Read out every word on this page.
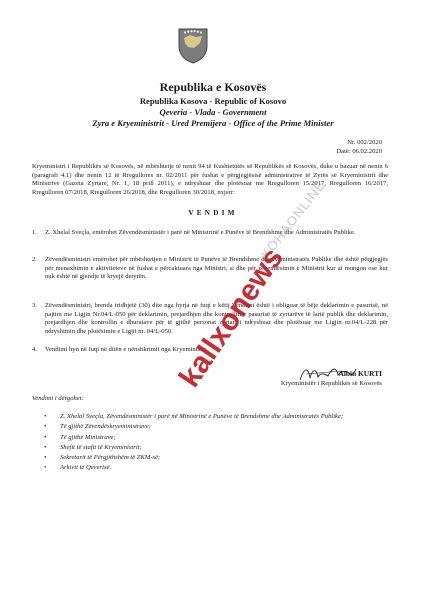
Republika e Kosovës
Republika Kosova - Republic of Kosovo
Qeveria - Vlada - Government
Zyra e Kryeministrit - Ured Premijera - Office of the Prime Minister
Nr. 002/2020
Datë: 06.02.2020
Kryeministri i Republikës së Kosovës, në mbështetje të nenit 94 të Kushtetutës së Republikës së Kosovës, duke u bazuar në nenin 6 (paragrafi 4.1) dhe nenin 12 të Rregullores nr. 02/2011 për fushat e përgjegjësisë administrative të Zyrës së Kryeministrit dhe Ministrive (Gazeta Zyrtare, Nr. 1, 18 prill 2011), e ndryshuar dhe plotësuar me Rregulloren 15/2017, Rregulloren 16/2017, Rregulloren 07/2018, Rregulloren 26/2018, dhe Rregulloren 30/2018, nxjerr:
VENDIM
1. Z. Xhelal Sveçla, emërohet Zëvendësministër i parë në Ministrinë e Punëve të Brendshme dhe Administratës Publike.
2. Zëvendësministri emërohet për mbështetjen e Ministrit të Punëve të Brendshme dhe Administratës Publike dhe është përgjegjës për menaxhimin e aktiviteteve në fushat e përcaktuara nga Ministri, si dhe për zëvendësimin e Ministrit kur ai mungon ose kur nuk është në gjendje të kryejë detyrën.
3. Zëvendësministri, brenda tridhjetë (30) dite nga hyrja në fuqi e këtij Vendimi është i obliguar të bëje deklarimin e pasurisë, në pajtim me Ligjin Nr.04/L-050 për deklarimin, prejardhjen dhe kontrollin e pasurisë të zyrtarëve të lartë publik dhe deklarimin, prejardhjen dhe kontrollin e dhuratave për të gjithë personat zyrtar, i ndryshuar dhe plotësuar me Ligjin nr.04/L-228 për ndryshimin dhe plotësimin e Ligjit nr. 04/L-050.
4. Vendimi hyn në fuqi në ditën e nënshkrimit nga Kryeministri.
Albin KURTI
Kryeministër i Republikës së Kosovës
Vendimi i dërgohet:
• Z. Xhelal Sveçla, Zëvendësministër i parë në Ministrinë e Punëve të Brendshme dhe Administratës Publike;
• Të gjithë Zëvendëskryeministrave;
• Të gjithë Ministrave;
• Shefit të stafit të Kryeministrit;
• Sekretarit të Përgjithshëm të ZKM-së;
• Arkivit të Qeverisë.
KOHAONLINE
kallxonews
